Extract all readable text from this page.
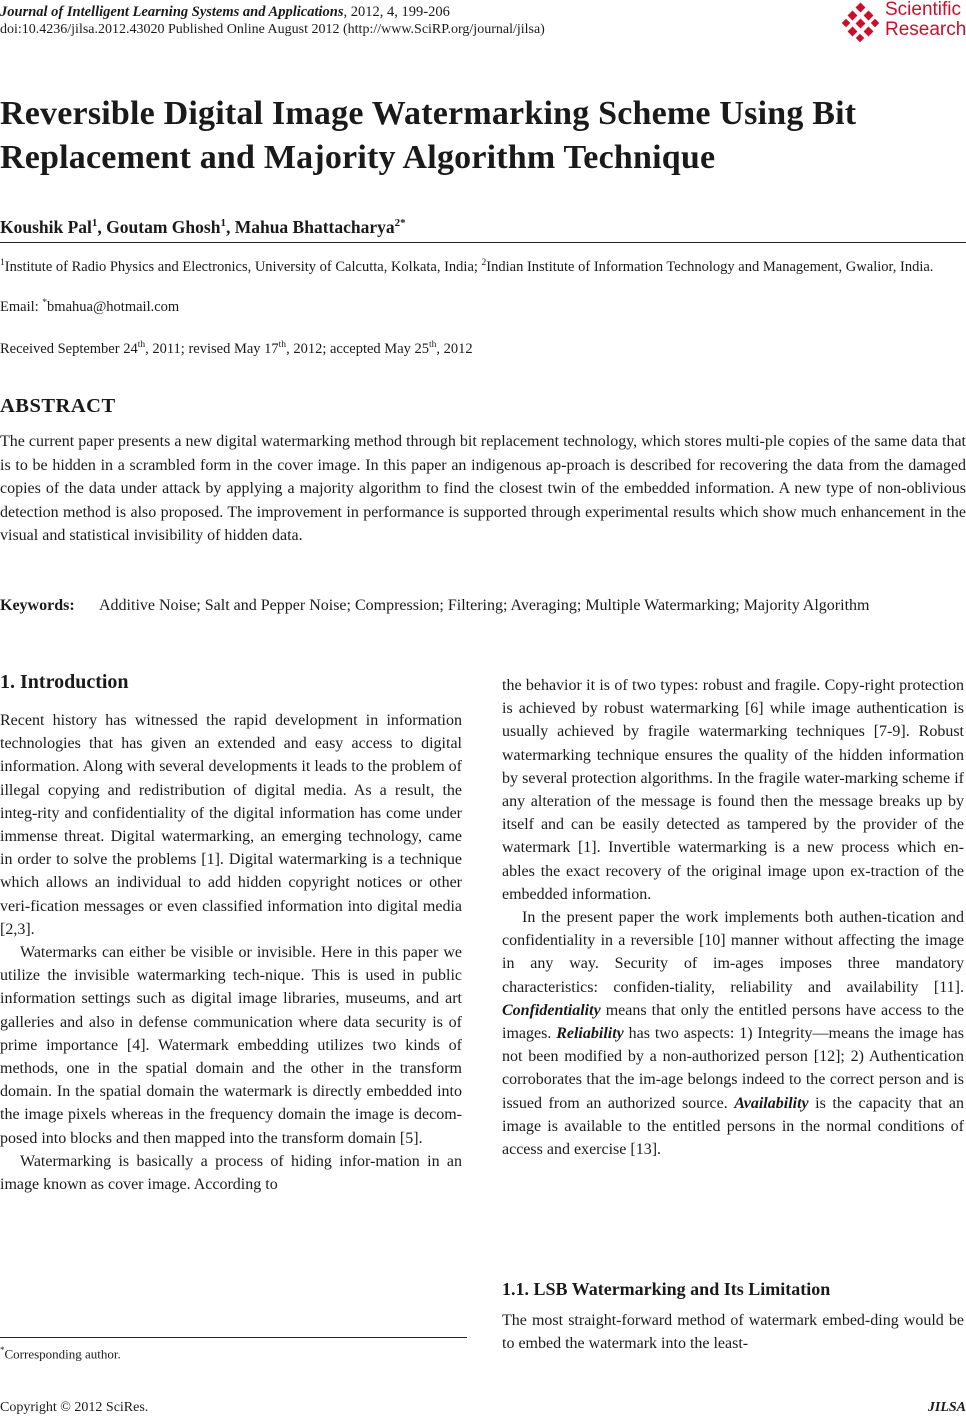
Journal of Intelligent Learning Systems and Applications, 2012, 4, 199-206
doi:10.4236/jilsa.2012.43020 Published Online August 2012 (http://www.SciRP.org/journal/jilsa)
Scientific
Research
Reversible Digital Image Watermarking Scheme Using Bit
Replacement and Majority Algorithm Technique
Koushik Pal$^1$, Goutam Ghosh$^1$, Mahua Bhattacharya$^{2*}$
$^1$Institute of Radio Physics and Electronics, University of Calcutta, Kolkata, India; $^2$Indian Institute of Information Technology and Management, Gwalior, India.
Email: *bmahua@hotmail.com
Received September 24th, 2011; revised May 17th, 2012; accepted May 25th, 2012
ABSTRACT
The current paper presents a new digital watermarking method through bit replacement technology, which stores multi-ple copies of the same data that is to be hidden in a scrambled form in the cover image. In this paper an indigenous ap-proach is described for recovering the data from the damaged copies of the data under attack by applying a majority algorithm to find the closest twin of the embedded information. A new type of non-oblivious detection method is also proposed. The improvement in performance is supported through experimental results which show much enhancement in the visual and statistical invisibility of hidden data.
Keywords: Additive Noise; Salt and Pepper Noise; Compression; Filtering; Averaging; Multiple Watermarking; Majority Algorithm
1. Introduction

Recent history has witnessed the rapid development in information technologies that has given an extended and easy access to digital information. Along with several developments it leads to the problem of illegal copying and redistribution of digital media. As a result, the integ-rity and confidentiality of the digital information has come under immense threat. Digital watermarking, an emerging technology, came in order to solve the problems [1]. Digital watermarking is a technique which allows an individual to add hidden copyright notices or other veri-fication messages or even classified information into digital media [2,3].

Watermarks can either be visible or invisible. Here in this paper we utilize the invisible watermarking tech-nique. This is used in public information settings such as digital image libraries, museums, and art galleries and also in defense communication where data security is of prime importance [4]. Watermark embedding utilizes two kinds of methods, one in the spatial domain and the other in the transform domain. In the spatial domain the watermark is directly embedded into the image pixels whereas in the frequency domain the image is decom-posed into blocks and then mapped into the transform domain [5].

Watermarking is basically a process of hiding infor-mation in an image known as cover image. According to

the behavior it is of two types: robust and fragile. Copy-right protection is achieved by robust watermarking [6] while image authentication is usually achieved by fragile watermarking techniques [7-9]. Robust watermarking technique ensures the quality of the hidden information by several protection algorithms. In the fragile water-marking scheme if any alteration of the message is found then the message breaks up by itself and can be easily detected as tampered by the provider of the watermark [1]. Invertible watermarking is a new process which en-ables the exact recovery of the original image upon ex-traction of the embedded information.

In the present paper the work implements both authen-tication and confidentiality in a reversible [10] manner without affecting the image in any way. Security of im-ages imposes three mandatory characteristics: confiden-tiality, reliability and availability [11]. Confidentiality means that only the entitled persons have access to the images. Reliability has two aspects: 1) Integrity—means the image has not been modified by a non-authorized person [12]; 2) Authentication corroborates that the im-age belongs indeed to the correct person and is issued from an authorized source. Availability is the capacity that an image is available to the entitled persons in the normal conditions of access and exercise [13].

1.1. LSB Watermarking and Its Limitation

The most straight-forward method of watermark embed-ding would be to embed the watermark into the least-

*Corresponding author.
Copyright © 2012 SciRes.	JILSA
